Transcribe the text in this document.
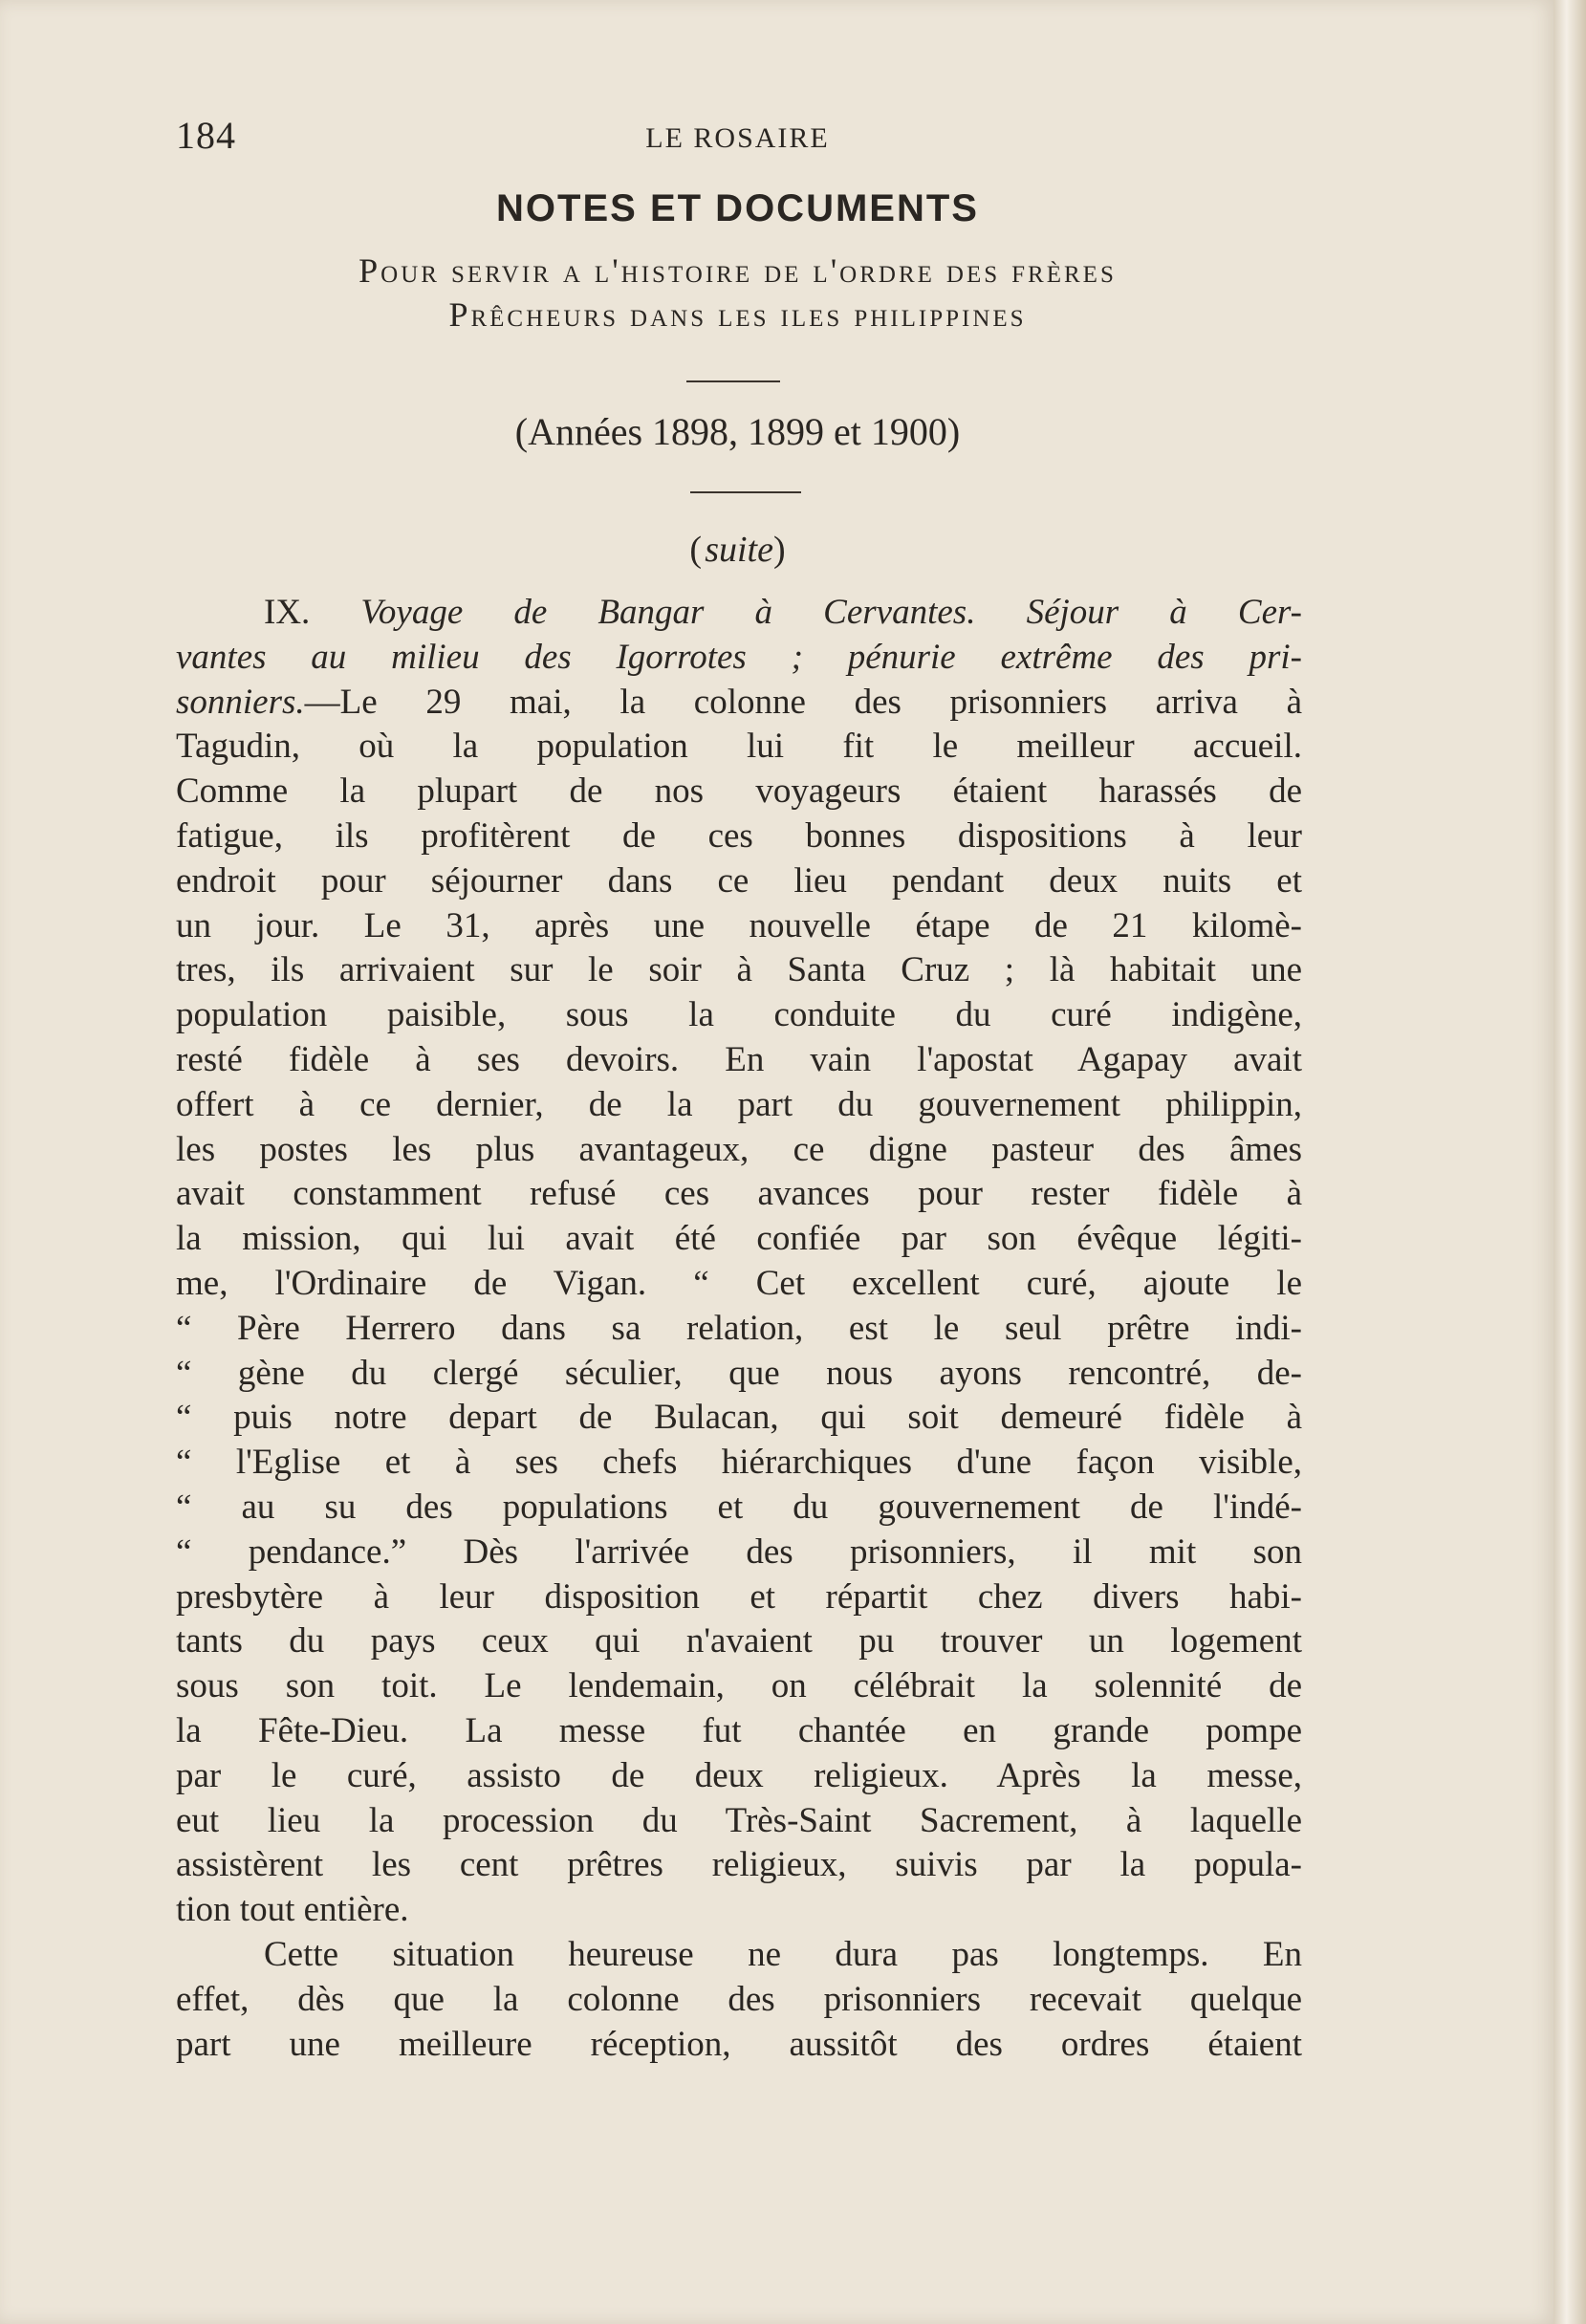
184	LE ROSAIRE
NOTES ET DOCUMENTS
Pour servir a l'histoire de l'ordre des frères
Prêcheurs dans les iles philippines
(Années 1898, 1899 et 1900)
( suite)
IX. Voyage de Bangar à Cervantes. Séjour à Cer-
vantes au milieu des Igorrotes ; pénurie extrême des pri-
sonniers.—Le 29 mai, la colonne des prisonniers arriva à
Tagudin, où la population lui fit le meilleur accueil.
Comme la plupart de nos voyageurs étaient harassés de
fatigue, ils profitèrent de ces bonnes dispositions à leur
endroit pour séjourner dans ce lieu pendant deux nuits et
un jour. Le 31, après une nouvelle étape de 21 kilomè-
tres, ils arrivaient sur le soir à Santa Cruz ; là habitait une
population paisible, sous la conduite du curé indigène,
resté fidèle à ses devoirs. En vain l'apostat Agapay avait
offert à ce dernier, de la part du gouvernement philippin,
les postes les plus avantageux, ce digne pasteur des âmes
avait constamment refusé ces avances pour rester fidèle à
la mission, qui lui avait été confiée par son évêque légiti-
me, l'Ordinaire de Vigan. “ Cet excellent curé, ajoute le
“ Père Herrero dans sa relation, est le seul prêtre indi-
“ gène du clergé séculier, que nous ayons rencontré, de-
“ puis notre depart de Bulacan, qui soit demeuré fidèle à
“ l'Eglise et à ses chefs hiérarchiques d'une façon visible,
“ au su des populations et du gouvernement de l'indé-
“ pendance.” Dès l'arrivée des prisonniers, il mit son
presbytère à leur disposition et répartit chez divers habi-
tants du pays ceux qui n'avaient pu trouver un logement
sous son toit. Le lendemain, on célébrait la solennité de
la Fête-Dieu. La messe fut chantée en grande pompe
par le curé, assisto de deux religieux. Après la messe,
eut lieu la procession du Très-Saint Sacrement, à laquelle
assistèrent les cent prêtres religieux, suivis par la popula-
tion tout entière.
Cette situation heureuse ne dura pas longtemps. En
effet, dès que la colonne des prisonniers recevait quelque
part une meilleure réception, aussitôt des ordres étaient
